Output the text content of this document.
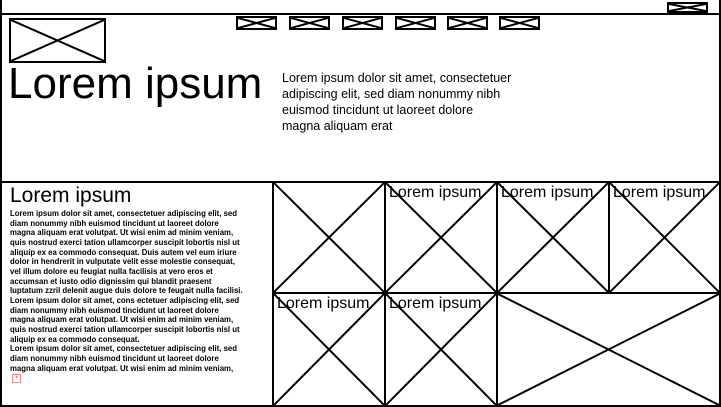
Lorem ipsum Lorem ipsum dolor sit amet, consectetuer adipiscing elit, sed diam nonummy nibh euismod tincidunt ut laoreet dolore magna aliquam erat
Lorem ipsum

Lorem ipsum dolor sit amet, consectetuer adipiscing elit, sed diam nonummy nibh euismod tincidunt ut laoreet dolore magna aliquam erat volutpat. Ut wisi enim ad minim veniam, quis nostrud exerci tation ullamcorper suscipit lobortis nisl ut aliquip ex ea commodo consequat. Duis autem vel eum iriure dolor in hendrerit in vulputate velit esse molestie consequat, vel illum dolore eu feugiat nulla facilisis at vero eros et accumsan et iusto odio dignissim qui blandit praesent luptatum zzril delenit augue duis dolore te feugait nulla facilisi.

Lorem ipsum dolor sit amet, cons ectetuer adipiscing elit, sed diam nonummy nibh euismod tincidunt ut laoreet dolore magna aliquam erat volutpat. Ut wisi enim ad minim veniam, quis nostrud exerci tation ullamcorper suscipit lobortis nisl ut aliquip ex ea commodo consequat.

Lorem ipsum dolor sit amet, consectetuer adipiscing elit, sed diam nonummy nibh euismod tincidunt ut laoreet dolore magna aliquam erat volutpat. Ut wisi enim ad minim veniam,+

Lorem ipsum Lorem ipsum Lorem ipsum
Lorem ipsum Lorem ipsum
